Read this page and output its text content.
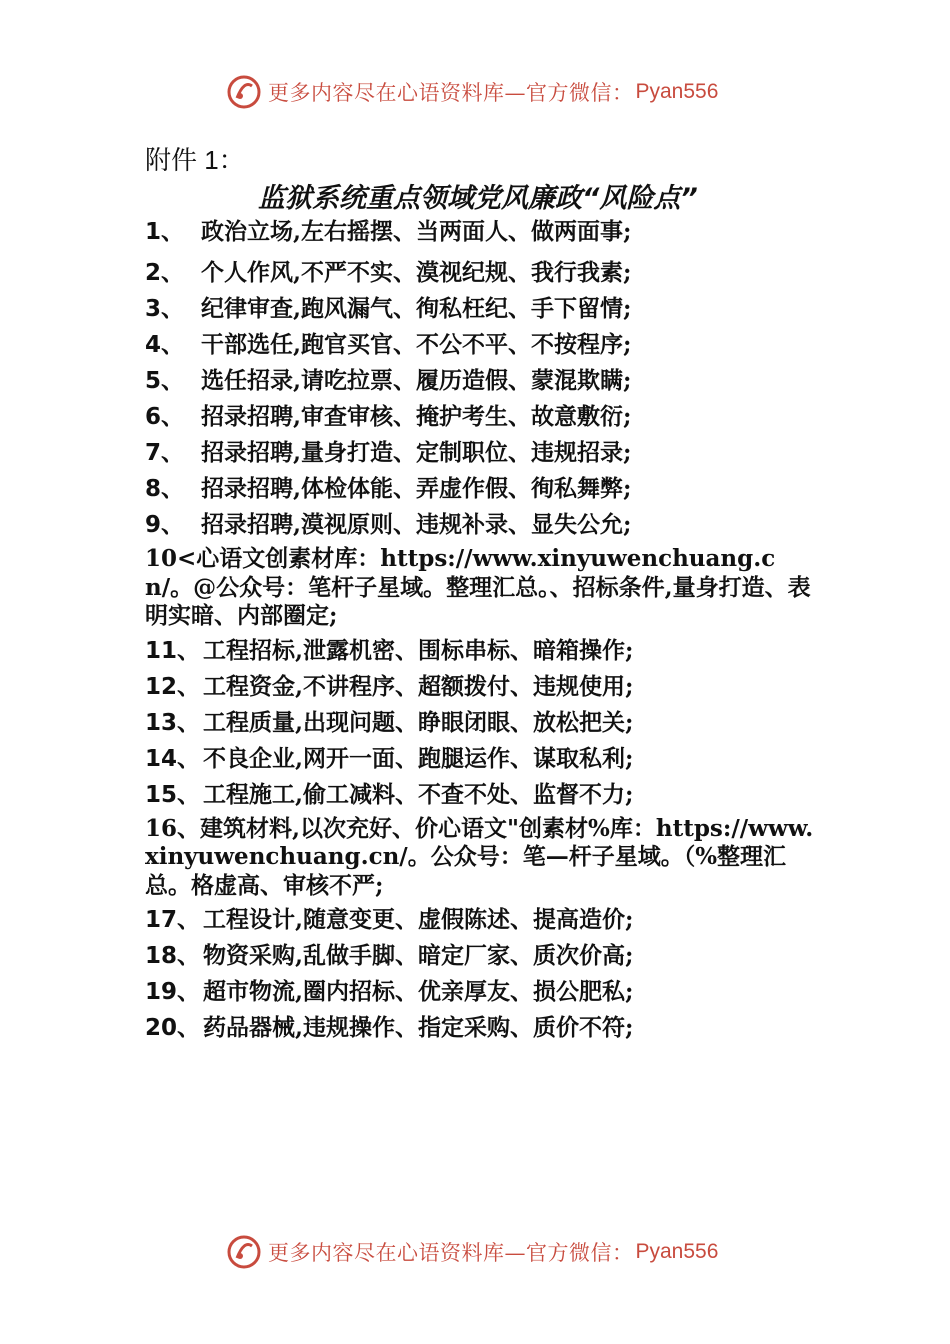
更多内容尽在心语资料库—官方微信： Pyan556
附件 1：
监狱系统重点领域党风廉政“风险点”
1、 政治立场,左右摇摆、当两面人、做两面事;
2、 个人作风,不严不实、漠视纪规、我行我素;
3、 纪律审查,跑风漏气、徇私枉纪、手下留情;
4、 干部选任,跑官买官、不公不平、不按程序;
5、 选任招录,请吃拉票、履历造假、蒙混欺瞒;
6、 招录招聘,审查审核、掩护考生、故意敷衍;
7、 招录招聘,量身打造、定制职位、违规招录;
8、 招录招聘,体检体能、弄虚作假、徇私舞弊;
9、 招录招聘,漠视原则、违规补录、显失公允;
10<心语文创素材库：https://www.xinyuwenchuang.cn/。@公众号：笔杆子星域。整理汇总。、招标条件,量身打造、表明实暗、内部圈定;
11、 工程招标,泄露机密、围标串标、暗箱操作;
12、 工程资金,不讲程序、超额拨付、违规使用;
13、 工程质量,出现问题、睁眼闭眼、放松把关;
14、 不良企业,网开一面、跑腿运作、谋取私利;
15、 工程施工,偷工减料、不查不处、监督不力;
16、建筑材料,以次充好、价心语文"创素材%库：https://www.xinyuwenchuang.cn/。公众号：笔—杆子星域。（%整理汇总。格虚高、审核不严;
17、 工程设计,随意变更、虚假陈述、提高造价;
18、 物资采购,乱做手脚、暗定厂家、质次价高;
19、 超市物流,圈内招标、优亲厚友、损公肥私;
20、 药品器械,违规操作、指定采购、质价不符;
更多内容尽在心语资料库—官方微信： Pyan556
